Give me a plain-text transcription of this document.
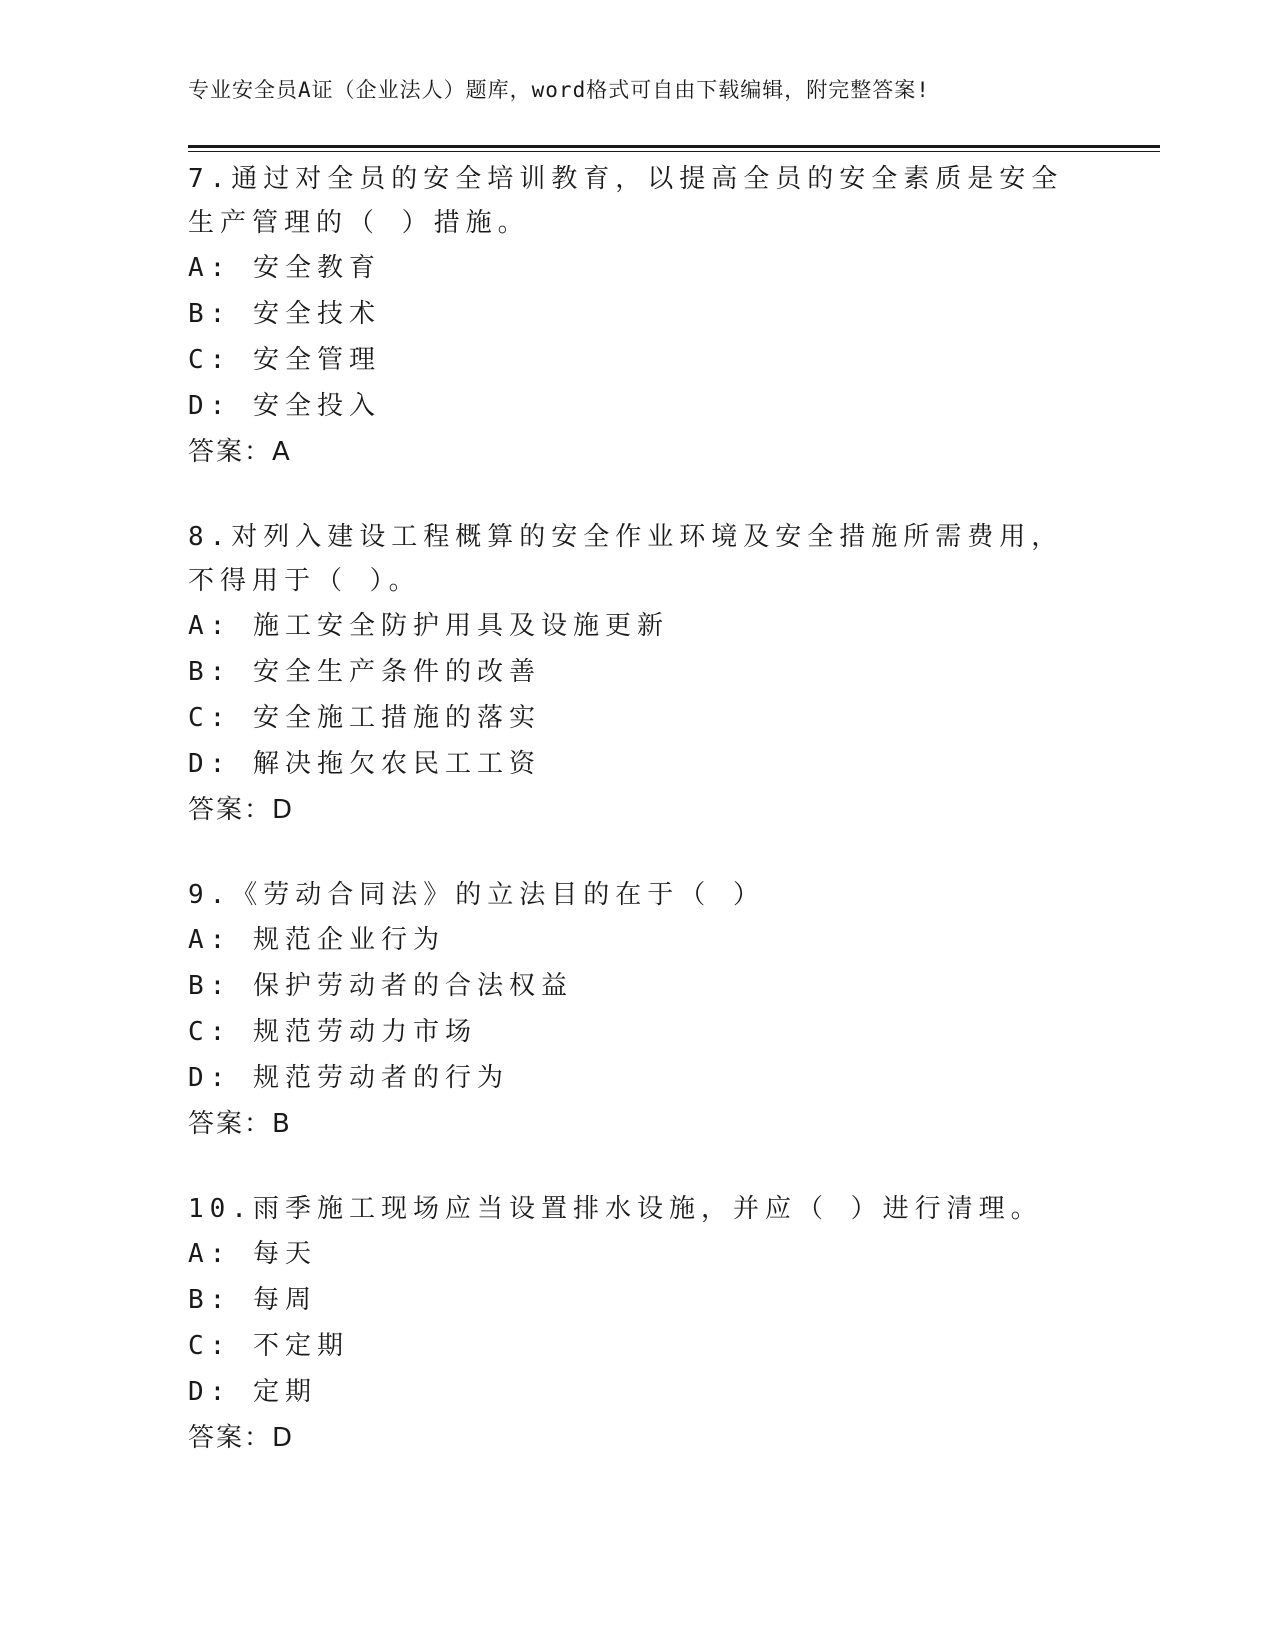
专业安全员A证（企业法人）题库，word格式可自由下载编辑，附完整答案!

7.通过对全员的安全培训教育，以提高全员的安全素质是安全生产管理的（ ）措施。

A: 安全教育

B: 安全技术

C: 安全管理

D: 安全投入

答案：A

8.对列入建设工程概算的安全作业环境及安全措施所需费用，不得用于（ ）。

A: 施工安全防护用具及设施更新

B: 安全生产条件的改善

C: 安全施工措施的落实

D: 解决拖欠农民工工资

答案：D

9.《劳动合同法》的立法目的在于（ ）

A: 规范企业行为

B: 保护劳动者的合法权益

C: 规范劳动力市场

D: 规范劳动者的行为

答案：B

10.雨季施工现场应当设置排水设施，并应（ ）进行清理。

A: 每天

B: 每周

C: 不定期

D: 定期

答案：D
